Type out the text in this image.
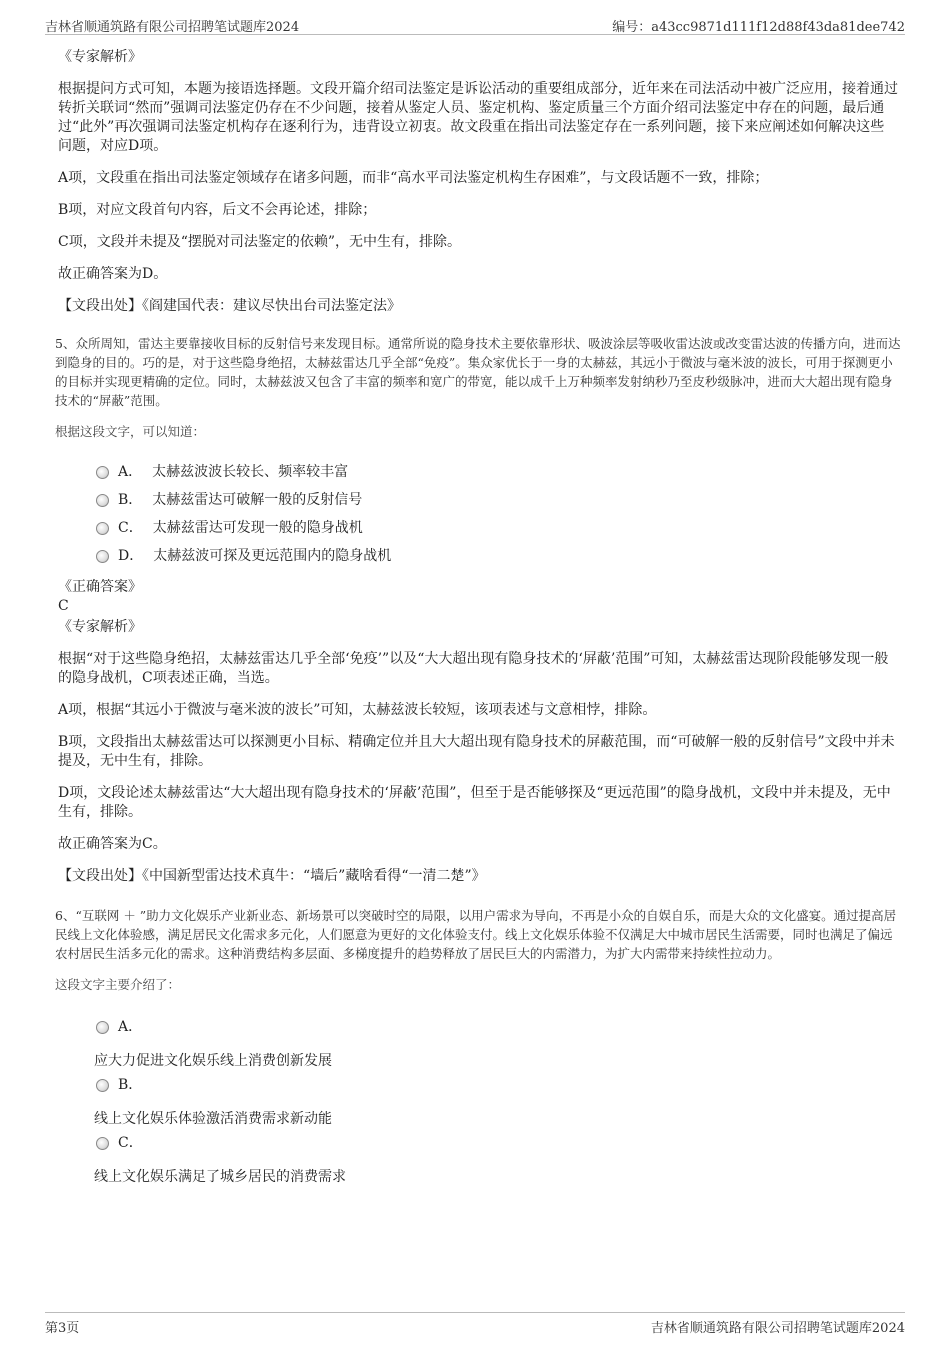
吉林省顺通筑路有限公司招聘笔试题库2024	编号：a43cc9871d111f12d88f43da81dee742

《专家解析》

根据提问方式可知，本题为接语选择题。文段开篇介绍司法鉴定是诉讼活动的重要组成部分，近年来在司法活动中被广泛应用，接着通过转折关联词“然而”强调司法鉴定仍存在不少问题，接着从鉴定人员、鉴定机构、鉴定质量三个方面介绍司法鉴定中存在的问题，最后通过“此外”再次强调司法鉴定机构存在逐利行为，违背设立初衷。故文段重在指出司法鉴定存在一系列问题，接下来应阐述如何解决这些问题，对应D项。

A项，文段重在指出司法鉴定领域存在诸多问题，而非“高水平司法鉴定机构生存困难”，与文段话题不一致，排除；

B项，对应文段首句内容，后文不会再论述，排除；

C项，文段并未提及“摆脱对司法鉴定的依赖”，无中生有，排除。

故正确答案为D。

【文段出处】《阎建国代表：建议尽快出台司法鉴定法》

5、众所周知，雷达主要靠接收目标的反射信号来发现目标。通常所说的隐身技术主要依靠形状、吸波涂层等吸收雷达波或改变雷达波的传播方向，进而达到隐身的目的。巧的是，对于这些隐身绝招，太赫兹雷达几乎全部“免疫”。集众家优长于一身的太赫兹，其远小于微波与毫米波的波长，可用于探测更小的目标并实现更精确的定位。同时，太赫兹波又包含了丰富的频率和宽广的带宽，能以成千上万种频率发射纳秒乃至皮秒级脉冲，进而大大超出现有隐身技术的“屏蔽”范围。

根据这段文字，可以知道：

A． 太赫兹波波长较长、频率较丰富
B． 太赫兹雷达可破解一般的反射信号
C． 太赫兹雷达可发现一般的隐身战机
D． 太赫兹波可探及更远范围内的隐身战机

《正确答案》

C

《专家解析》

根据“对于这些隐身绝招，太赫兹雷达几乎全部‘免疫’”以及“大大超出现有隐身技术的‘屏蔽’范围”可知，太赫兹雷达现阶段能够发现一般的隐身战机，C项表述正确，当选。

A项，根据“其远小于微波与毫米波的波长”可知，太赫兹波长较短，该项表述与文意相悖，排除。

B项，文段指出太赫兹雷达可以探测更小目标、精确定位并且大大超出现有隐身技术的屏蔽范围，而“可破解一般的反射信号”文段中并未提及，无中生有，排除。

D项，文段论述太赫兹雷达“大大超出现有隐身技术的‘屏蔽’范围”，但至于是否能够探及“更远范围”的隐身战机，文段中并未提及，无中生有，排除。

故正确答案为C。

【文段出处】《中国新型雷达技术真牛：“墙后”藏啥看得“一清二楚”》

6、“互联网 ＋ ”助力文化娱乐产业新业态、新场景可以突破时空的局限，以用户需求为导向，不再是小众的自娱自乐，而是大众的文化盛宴。通过提高居民线上文化体验感，满足居民文化需求多元化，人们愿意为更好的文化体验支付。线上文化娱乐体验不仅满足大中城市居民生活需要，同时也满足了偏远农村居民生活多元化的需求。这种消费结构多层面、多梯度提升的趋势释放了居民巨大的内需潜力，为扩大内需带来持续性拉动力。

这段文字主要介绍了：

A．

应大力促进文化娱乐线上消费创新发展

B．

线上文化娱乐体验激活消费需求新动能

C．

线上文化娱乐满足了城乡居民的消费需求

第3页	吉林省顺通筑路有限公司招聘笔试题库2024
